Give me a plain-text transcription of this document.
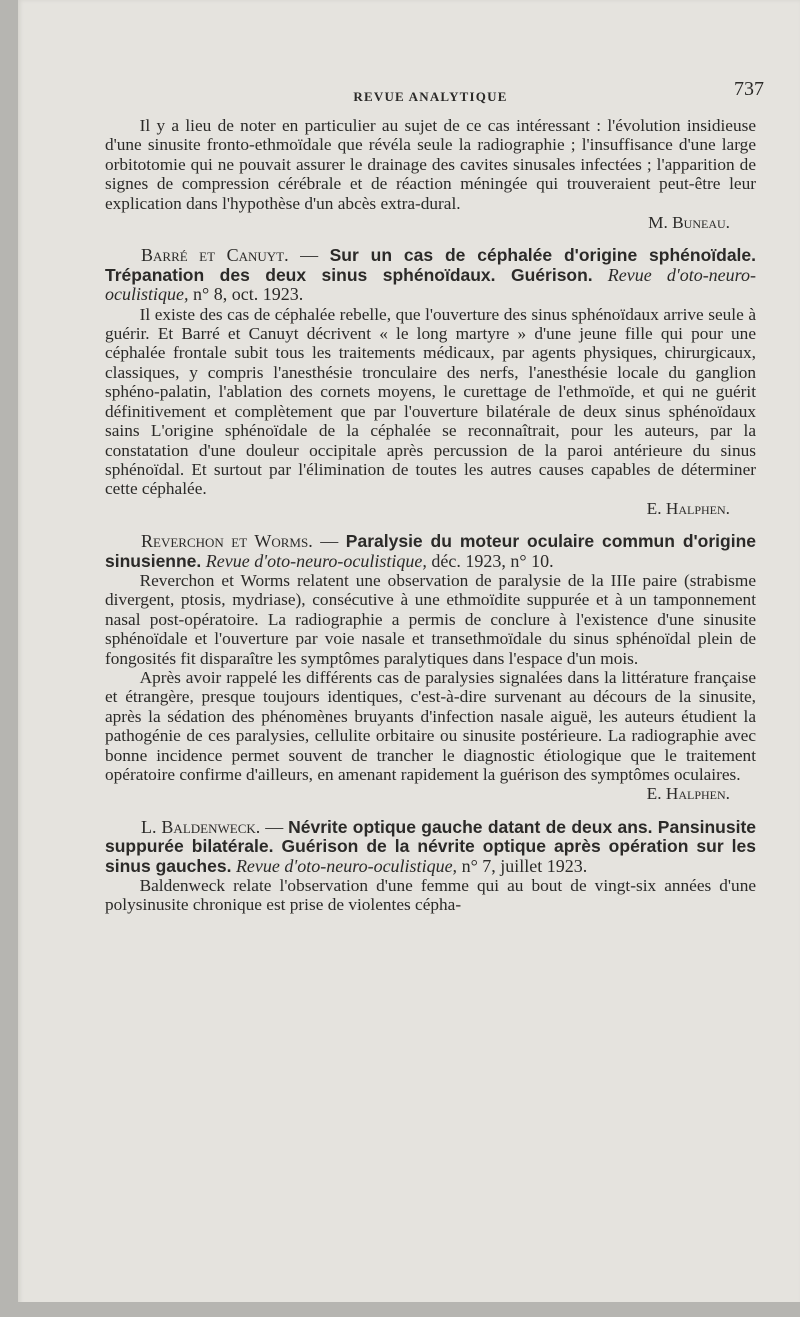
REVUE ANALYTIQUE	737

Il y a lieu de noter en particulier au sujet de ce cas intéressant : l'évolution insidieuse d'une sinusite fronto-ethmoïdale que révéla seule la radiographie ; l'insuffisance d'une large orbitotomie qui ne pouvait assurer le drainage des cavites sinusales infectées ; l'apparition de signes de compression cérébrale et de réaction méningée qui trouveraient peut-être leur explication dans l'hypothèse d'un abcès extra-dural.

M. Buneau.

Barré et Canuyt. — Sur un cas de céphalée d'origine sphénoïdale. Trépanation des deux sinus sphénoïdaux. Guérison. Revue d'oto-neuro-oculistique, n° 8, oct. 1923.

Il existe des cas de céphalée rebelle, que l'ouverture des sinus sphénoïdaux arrive seule à guérir. Et Barré et Canuyt décrivent « le long martyre » d'une jeune fille qui pour une céphalée frontale subit tous les traitements médicaux, par agents physiques, chirurgicaux, classiques, y compris l'anesthésie tronculaire des nerfs, l'anesthésie locale du ganglion sphéno-palatin, l'ablation des cornets moyens, le curettage de l'ethmoïde, et qui ne guérit définitivement et complètement que par l'ouverture bilatérale de deux sinus sphénoïdaux sains L'origine sphénoïdale de la céphalée se reconnaîtrait, pour les auteurs, par la constatation d'une douleur occipitale après percussion de la paroi antérieure du sinus sphénoïdal. Et surtout par l'élimination de toutes les autres causes capables de déterminer cette céphalée.

E. Halphen.

Reverchon et Worms. — Paralysie du moteur oculaire commun d'origine sinusienne. Revue d'oto-neuro-oculistique, déc. 1923, n° 10.

Reverchon et Worms relatent une observation de paralysie de la IIIe paire (strabisme divergent, ptosis, mydriase), consécutive à une ethmoïdite suppurée et à un tamponnement nasal post-opératoire. La radiographie a permis de conclure à l'existence d'une sinusite sphénoïdale et l'ouverture par voie nasale et transethmoïdale du sinus sphénoïdal plein de fongosités fit disparaître les symptômes paralytiques dans l'espace d'un mois.

Après avoir rappelé les différents cas de paralysies signalées dans la littérature française et étrangère, presque toujours identiques, c'est-à-dire survenant au décours de la sinusite, après la sédation des phénomènes bruyants d'infection nasale aiguë, les auteurs étudient la pathogénie de ces paralysies, cellulite orbitaire ou sinusite postérieure. La radiographie avec bonne incidence permet souvent de trancher le diagnostic étiologique que le traitement opératoire confirme d'ailleurs, en amenant rapidement la guérison des symptômes oculaires.

E. Halphen.

L. Baldenweck. — Névrite optique gauche datant de deux ans. Pansinusite suppurée bilatérale. Guérison de la névrite optique après opération sur les sinus gauches. Revue d'oto-neuro-oculistique, n° 7, juillet 1923.

Baldenweck relate l'observation d'une femme qui au bout de vingt-six années d'une polysinusite chronique est prise de violentes cépha-
